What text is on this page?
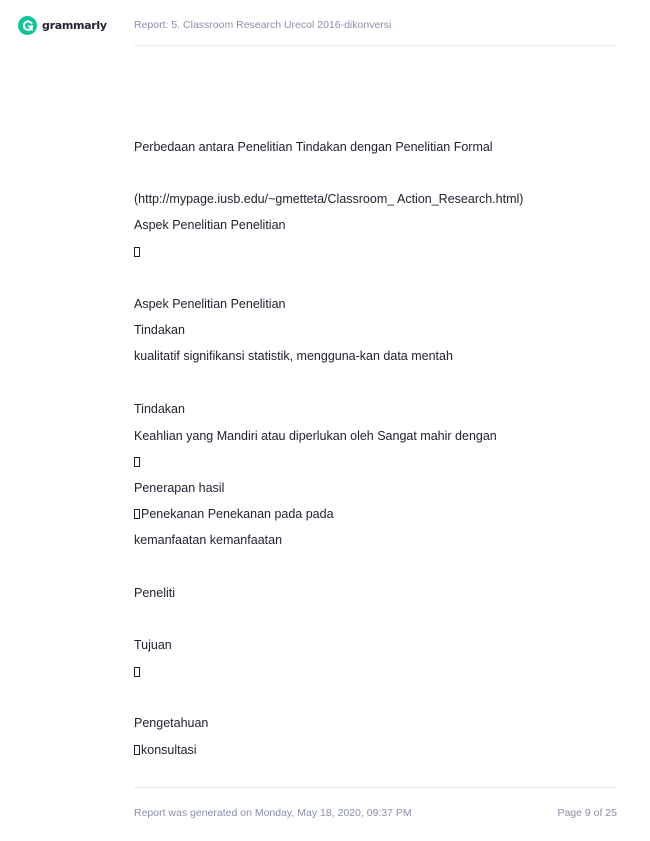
grammarly	Report: 5. Classroom Research Urecol 2016-dikonversi
Perbedaan antara Penelitian Tindakan dengan Penelitian Formal
(http://mypage.iusb.edu/~gmetteta/Classroom_ Action_Research.html)
Aspek Penelitian Penelitian
Aspek Penelitian Penelitian
Tindakan
kualitatif signifikansi statistik, mengguna-kan data mentah
Tindakan
Keahlian yang Mandiri atau diperlukan oleh Sangat mahir dengan
Penerapan hasil
Penekanan Penekanan pada pada
kemanfaatan kemanfaatan
Peneliti
Tujuan
Pengetahuan
konsultasi
Report was generated on Monday, May 18, 2020, 09:37 PM	Page 9 of 25
